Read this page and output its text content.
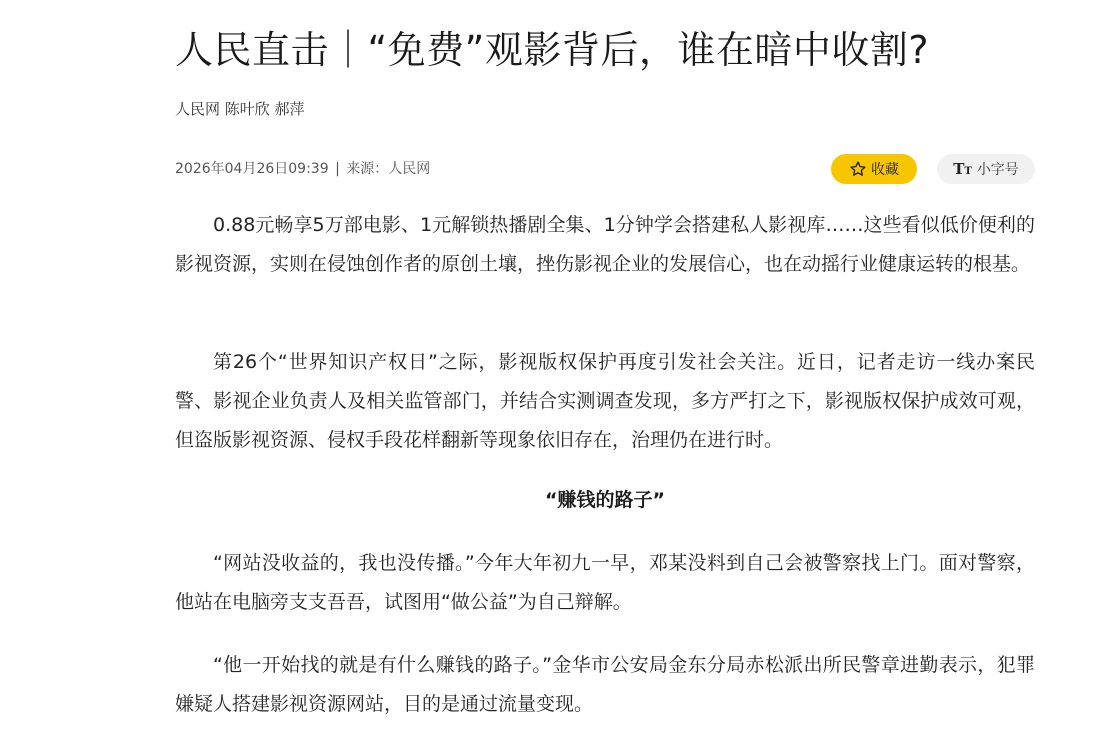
人民直击｜“免费”观影背后，谁在暗中收割?
人民网 陈叶欣 郝萍
2026年04月26日09:39 | 来源：人民网	收藏	TT 小字号

0.88元畅享5万部电影、1元解锁热播剧全集、1分钟学会搭建私人影视库……这些看似低价便利的影视资源，实则在侵蚀创作者的原创土壤，挫伤影视企业的发展信心，也在动摇行业健康运转的根基。

第26个“世界知识产权日”之际，影视版权保护再度引发社会关注。近日，记者走访一线办案民警、影视企业负责人及相关监管部门，并结合实测调查发现，多方严打之下，影视版权保护成效可观，但盗版影视资源、侵权手段花样翻新等现象依旧存在，治理仍在进行时。

“赚钱的路子”

“网站没收益的，我也没传播。”今年大年初九一早，邓某没料到自己会被警察找上门。面对警察，他站在电脑旁支支吾吾，试图用“做公益”为自己辩解。

“他一开始找的就是有什么赚钱的路子。”金华市公安局金东分局赤松派出所民警章进勤表示，犯罪嫌疑人搭建影视资源网站，目的是通过流量变现。
